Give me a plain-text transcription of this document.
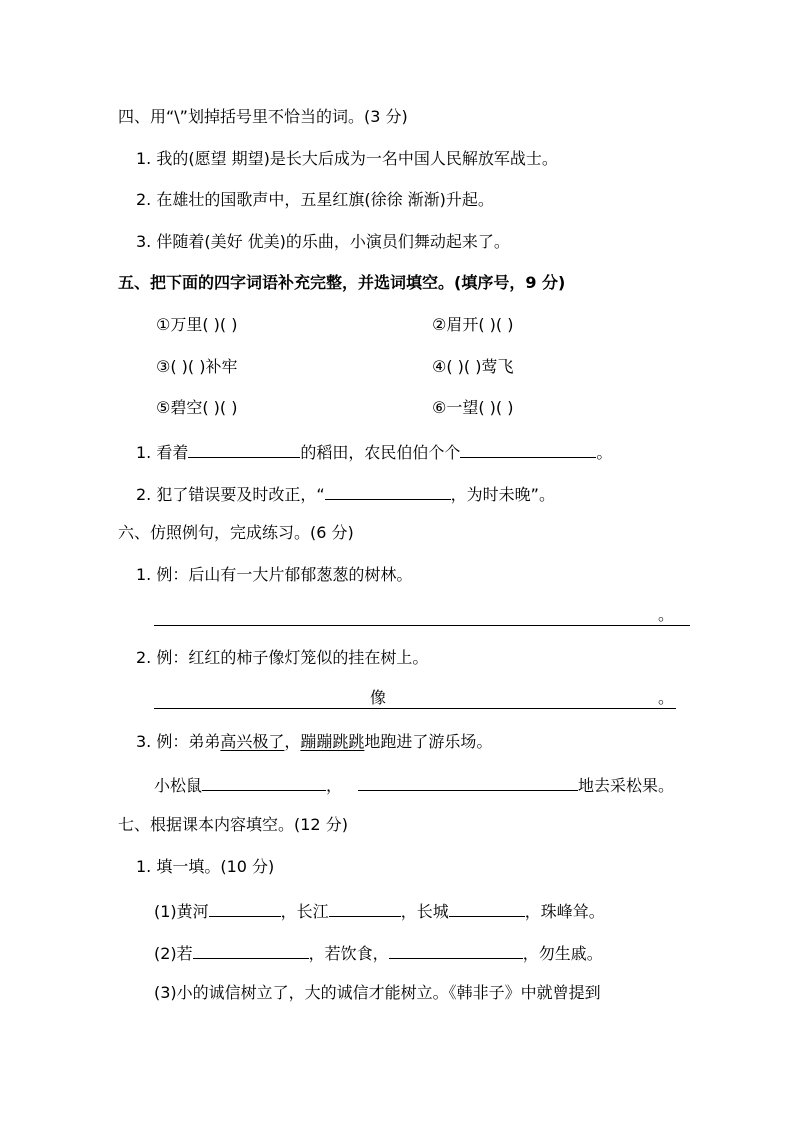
四、用“\”划掉括号里不恰当的词。(3 分)
1. 我的(愿望 期望)是长大后成为一名中国人民解放军战士。
2. 在雄壮的国歌声中，五星红旗(徐徐 渐渐)升起。
3. 伴随着(美好 优美)的乐曲，小演员们舞动起来了。
五、把下面的四字词语补充完整，并选词填空。(填序号，9 分)
①万里( )( )	②眉开( )( )
③( )( )补牢	④( )( )莺飞
⑤碧空( )( )	⑥一望( )( )
1. 看着	的稻田，农民伯伯个个	。
2. 犯了错误要及时改正，“	，为时未晚”。
六、仿照例句，完成练习。(6 分)
1. 例：后山有一大片郁郁葱葱的树林。
。
2. 例：红红的柿子像灯笼似的挂在树上。
像	。
3. 例：弟弟高兴极了，蹦蹦跳跳地跑进了游乐场。
小松鼠	，	地去采松果。
七、根据课本内容填空。(12 分)
1. 填一填。(10 分)
(1)黄河	，长江	，长城	，珠峰耸。
(2)若	，若饮食，	，勿生戚。
(3)小的诚信树立了，大的诚信才能树立。《韩非子》中就曾提到
